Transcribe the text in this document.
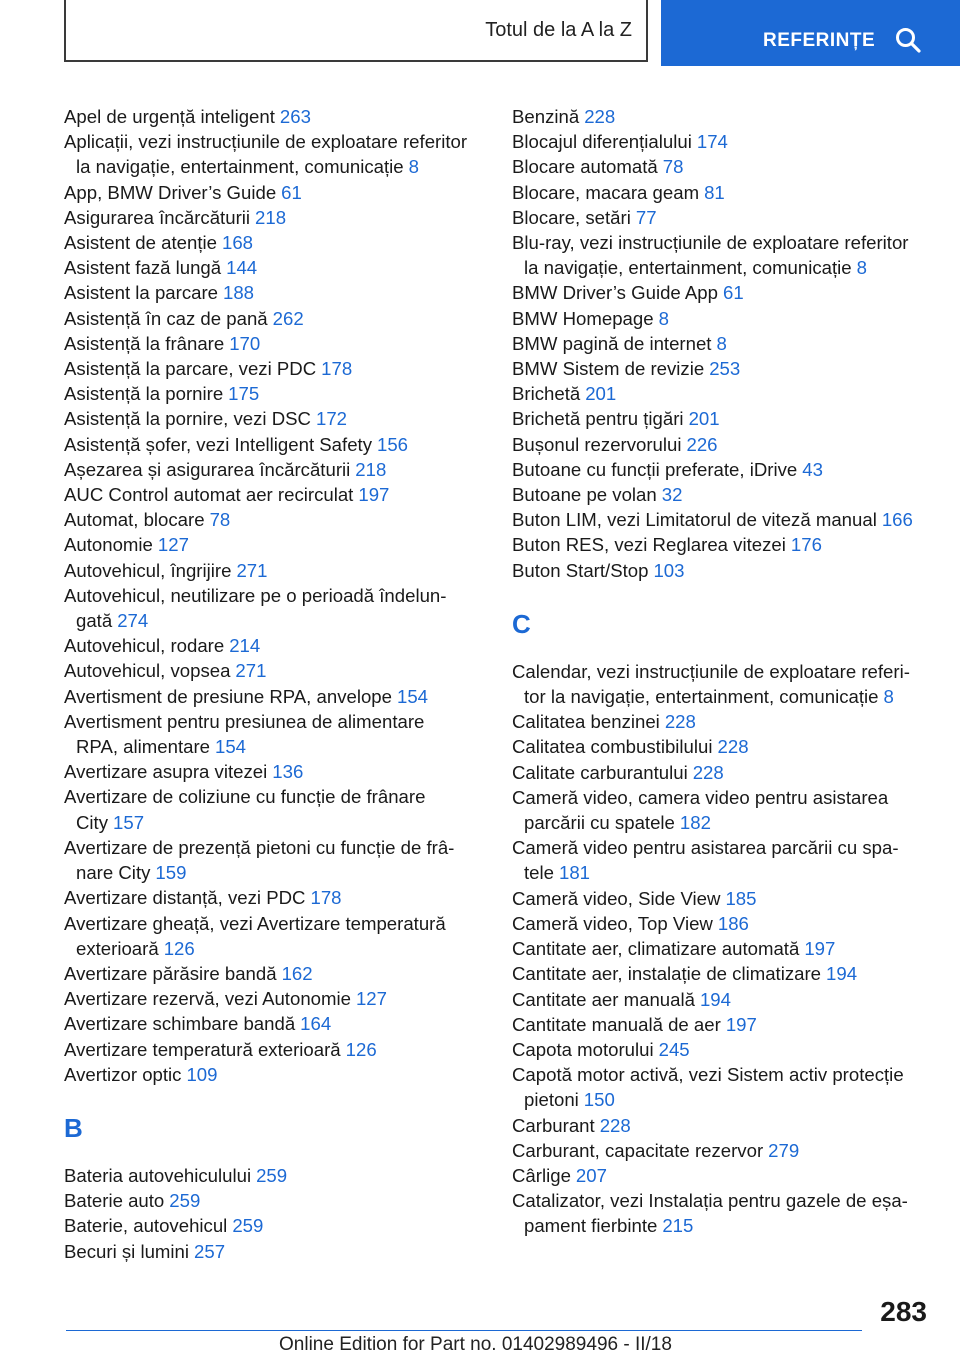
Totul de la A la Z	REFERINȚE
Apel de urgență inteligent 263
Aplicații, vezi instrucțiunile de exploatare referitor
la navigație, entertainment, comunicație 8
App, BMW Driver’s Guide 61
Asigurarea încărcăturii 218
Asistent de atenție 168
Asistent fază lungă 144
Asistent la parcare 188
Asistență în caz de pană 262
Asistență la frânare 170
Asistență la parcare, vezi PDC 178
Asistență la pornire 175
Asistență la pornire, vezi DSC 172
Asistență șofer, vezi Intelligent Safety 156
Așezarea și asigurarea încărcăturii 218
AUC Control automat aer recirculat 197
Automat, blocare 78
Autonomie 127
Autovehicul, îngrijire 271
Autovehicul, neutilizare pe o perioadă îndelun-
gată 274
Autovehicul, rodare 214
Autovehicul, vopsea 271
Avertisment de presiune RPA, anvelope 154
Avertisment pentru presiunea de alimentare
RPA, alimentare 154
Avertizare asupra vitezei 136
Avertizare de coliziune cu funcție de frânare
City 157
Avertizare de prezență pietoni cu funcție de frâ-
nare City 159
Avertizare distanță, vezi PDC 178
Avertizare gheață, vezi Avertizare temperatură
exterioară 126
Avertizare părăsire bandă 162
Avertizare rezervă, vezi Autonomie 127
Avertizare schimbare bandă 164
Avertizare temperatură exterioară 126
Avertizor optic 109
B
Bateria autovehiculului 259
Baterie auto 259
Baterie, autovehicul 259
Becuri și lumini 257
Benzină 228
Blocajul diferențialului 174
Blocare automată 78
Blocare, macara geam 81
Blocare, setări 77
Blu-ray, vezi instrucțiunile de exploatare referitor
la navigație, entertainment, comunicație 8
BMW Driver’s Guide App 61
BMW Homepage 8
BMW pagină de internet 8
BMW Sistem de revizie 253
Brichetă 201
Brichetă pentru țigări 201
Bușonul rezervorului 226
Butoane cu funcții preferate, iDrive 43
Butoane pe volan 32
Buton LIM, vezi Limitatorul de viteză manual 166
Buton RES, vezi Reglarea vitezei 176
Buton Start/Stop 103
C
Calendar, vezi instrucțiunile de exploatare referi-
tor la navigație, entertainment, comunicație 8
Calitatea benzinei 228
Calitatea combustibilului 228
Calitate carburantului 228
Cameră video, camera video pentru asistarea
parcării cu spatele 182
Cameră video pentru asistarea parcării cu spa-
tele 181
Cameră video, Side View 185
Cameră video, Top View 186
Cantitate aer, climatizare automată 197
Cantitate aer, instalație de climatizare 194
Cantitate aer manuală 194
Cantitate manuală de aer 197
Capota motorului 245
Capotă motor activă, vezi Sistem activ protecție
pietoni 150
Carburant 228
Carburant, capacitate rezervor 279
Cârlige 207
Catalizator, vezi Instalația pentru gazele de eșa-
pament fierbinte 215
283
Online Edition for Part no. 01402989496 - II/18
